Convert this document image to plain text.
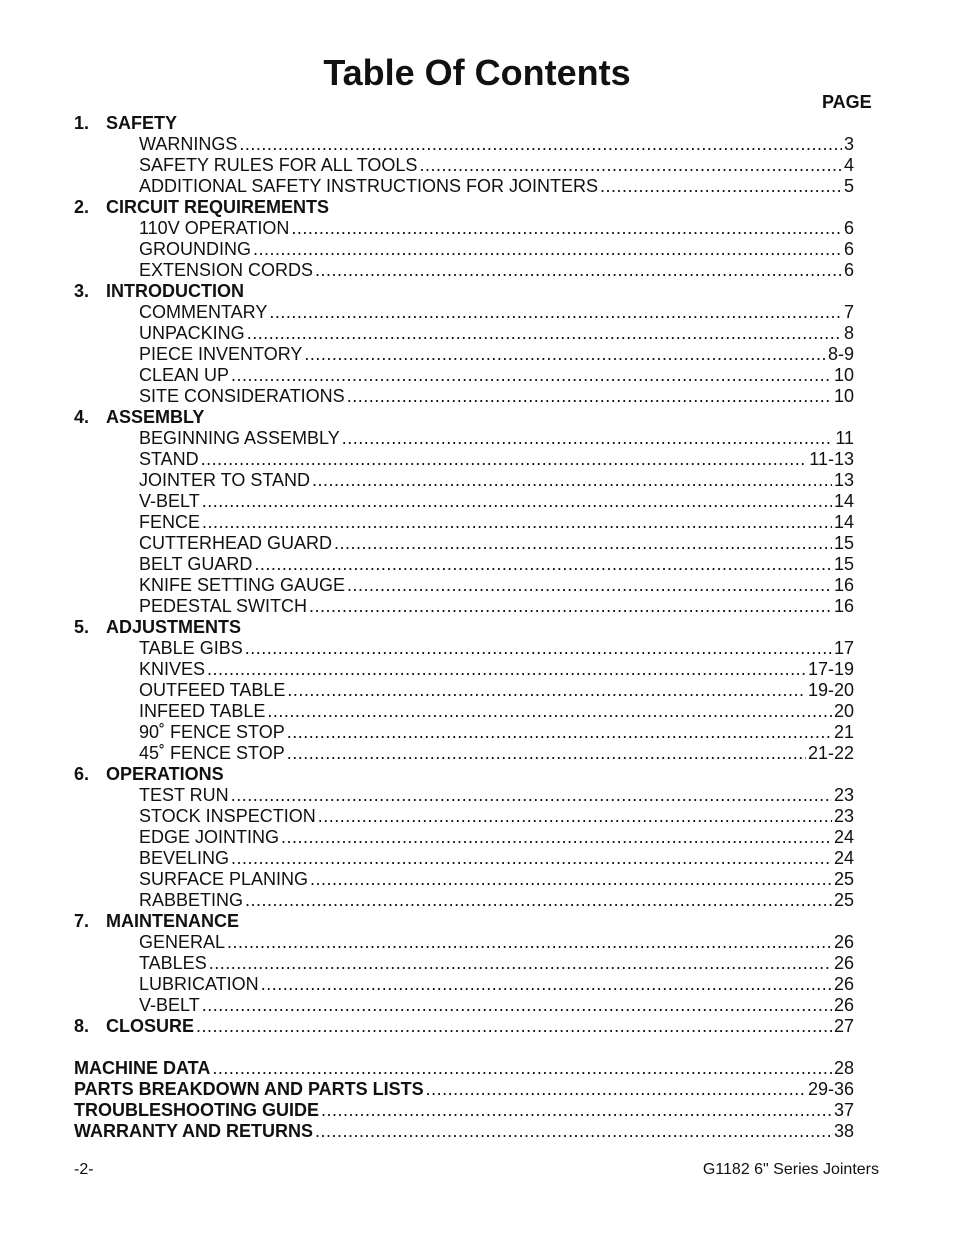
Table Of Contents
PAGE
1. SAFETY
WARNINGS .....	3
SAFETY RULES FOR ALL TOOLS .....	4
ADDITIONAL SAFETY INSTRUCTIONS FOR JOINTERS .....	5
2. CIRCUIT REQUIREMENTS
110V OPERATION .....	6
GROUNDING .....	6
EXTENSION CORDS .....	6
3. INTRODUCTION
COMMENTARY .....	7
UNPACKING .....	8
PIECE INVENTORY .....	8-9
CLEAN UP .....	10
SITE CONSIDERATIONS .....	10
4. ASSEMBLY
BEGINNING ASSEMBLY .....	11
STAND .....	11-13
JOINTER TO STAND .....	13
V-BELT .....	14
FENCE .....	14
CUTTERHEAD GUARD .....	15
BELT GUARD .....	15
KNIFE SETTING GAUGE .....	16
PEDESTAL SWITCH .....	16
5. ADJUSTMENTS
TABLE GIBS .....	17
KNIVES .....	17-19
OUTFEED TABLE .....	19-20
INFEED TABLE .....	20
90˚ FENCE STOP .....	21
45˚ FENCE STOP .....	21-22
6. OPERATIONS
TEST RUN .....	23
STOCK INSPECTION .....	23
EDGE JOINTING .....	24
BEVELING .....	24
SURFACE PLANING .....	25
RABBETING .....	25
7. MAINTENANCE
GENERAL .....	26
TABLES .....	26
LUBRICATION .....	26
V-BELT .....	26
8. CLOSURE .....	27
MACHINE DATA .....	28
PARTS BREAKDOWN AND PARTS LISTS .....	29-36
TROUBLESHOOTING GUIDE .....	37
WARRANTY AND RETURNS .....	38
-2-	G1182 6" Series Jointers
